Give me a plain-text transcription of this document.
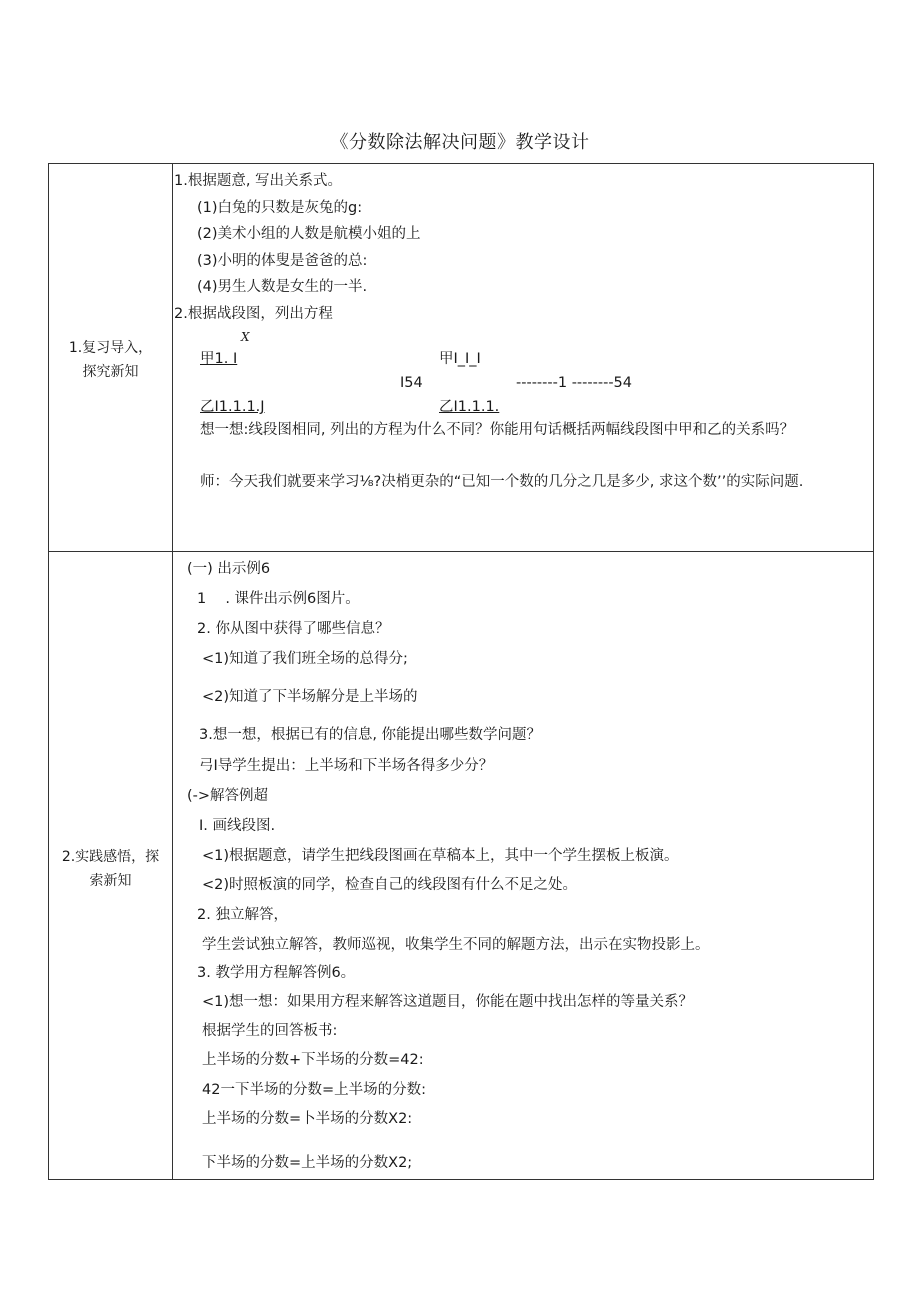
《分数除法解决问题》教学设计
1.复习导入，
探究新知
1.根据题意, 写出关系式。
(1)白兔的只数是灰兔的g:
(2)美术小组的人数是航模小姐的上
(3)小明的体叟是爸爸的总:
(4)男生人数是女生的一半.
2.根据战段图，列出方程
X
甲1. I	甲I_I_I
I54	--------1 --------54
乙I1.1.1.J	乙I1.1.1.
想一想:线段图相同, 列出的方程为什么不同？你能用句话概括两幅线段图中甲和乙的关系吗？
师：今天我们就要来学习⅛?决梢更杂的“已知一个数的几分之几是多少, 求这个数’’的实际问题.
2.实践感悟，探
索新知
(一) 出示例6
1　 . 课件出示例6图片。
2. 你从图中获得了哪些信息？
<1)知道了我们班全场的总得分;
<2)知道了下半场解分是上半场的
3.想一想，根据已有的信息, 你能提出哪些数学问题？
弓I导学生提出：上半场和下半场各得多少分？
(->解答例超
I. 画线段图.
<1)根据题意，请学生把线段图画在草稿本上，其中一个学生摆板上板演。
<2)时照板演的同学，检查自己的线段图有什么不足之处。
2. 独立解答，
学生尝试独立解答，教师巡视，收集学生不同的解题方法，出示在实物投影上。
3. 教学用方程解答例6。
<1)想一想：如果用方程来解答这道题目，你能在题中找出怎样的等量关系？
根据学生的回答板书:
上半场的分数+下半场的分数=42:
42一下半场的分数=上半场的分数:
上半场的分数=卜半场的分数X2:
下半场的分数=上半场的分数X2;
